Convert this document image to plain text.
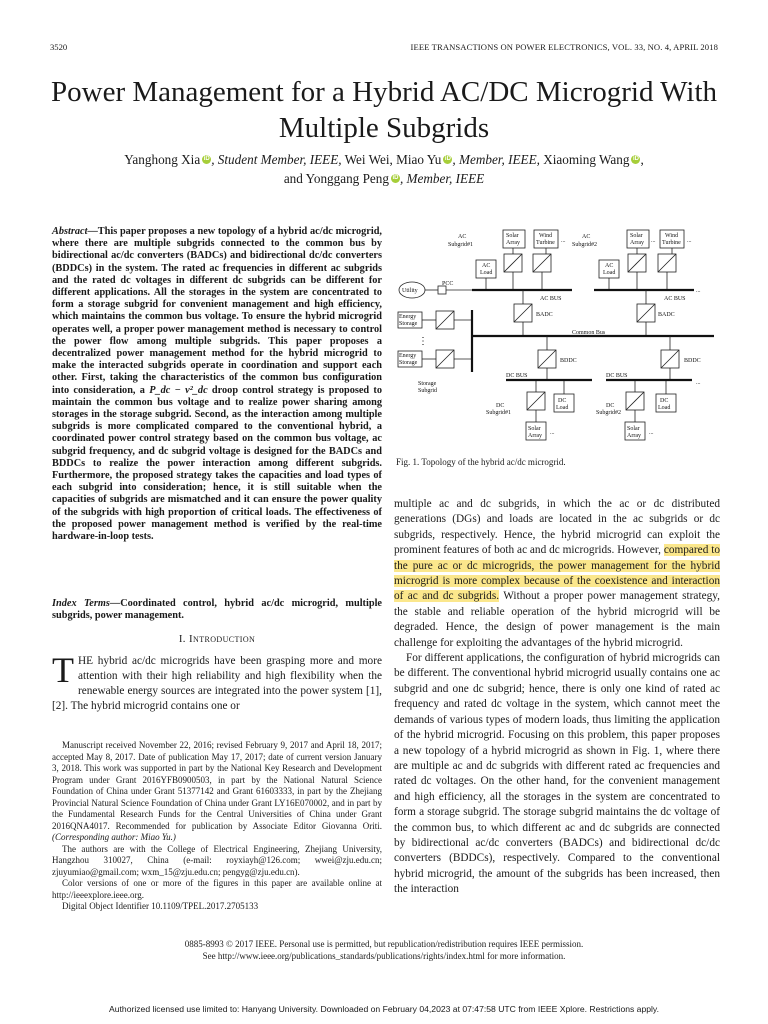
3520	IEEE TRANSACTIONS ON POWER ELECTRONICS, VOL. 33, NO. 4, APRIL 2018
Power Management for a Hybrid AC/DC Microgrid With Multiple Subgrids
Yanghong Xia iD , Student Member, IEEE, Wei Wei, Miao Yu iD , Member, IEEE, Xiaoming Wang iD ,
and Yonggang Peng iD , Member, IEEE
Abstract—This paper proposes a new topology of a hybrid ac/dc microgrid, where there are multiple subgrids connected to the common bus by bidirectional ac/dc converters (BADCs) and bidirectional dc/dc converters (BDDCs) in the system. The rated ac frequencies in different ac subgrids and the rated dc voltages in different dc subgrids can be different for different applications. All the storages in the system are concentrated to form a storage subgrid for convenient management and high efficiency, which maintains the common bus voltage. To ensure the hybrid microgrid operates well, a proper power management method is necessary to control the power flow among multiple subgrids. This paper proposes a decentralized power management method for the hybrid microgrid to make the interacted subgrids operate in coordination and support each other. First, taking the characteristics of the common bus configuration into consideration, a P_dc − v²_dc droop control strategy is proposed to maintain the common bus voltage and to realize power sharing among storages in the storage subgrid. Second, as the interaction among multiple subgrids is more complicated compared to the conventional hybrid, a coordinated power control strategy based on the common bus voltage, ac subgrid frequency, and dc subgrid voltage is designed for the BADCs and BDDCs to realize the power interaction among different subgrids. Furthermore, the proposed strategy takes the capacities and load types of each subgrid into consideration; hence, it is still suitable when the capacities of subgrids are mismatched and it can ensure the power quality of the subgrids with high proportion of critical loads. The effectiveness of the proposed power management method is verified by the real-time hardware-in-loop tests.
Index Terms—Coordinated control, hybrid ac/dc microgrid, multiple subgrids, power management.
I. Introduction
THE hybrid ac/dc microgrids have been grasping more and more attention with their high reliability and high flexibility when the renewable energy sources are integrated into the power system [1], [2]. The hybrid microgrid contains one or

Manuscript received November 22, 2016; revised February 9, 2017 and April 18, 2017; accepted May 8, 2017. Date of publication May 17, 2017; date of current version January 3, 2018. This work was supported in part by the National Key Research and Development Program under Grant 2016YFB0900503, in part by the National Natural Science Foundation of China under Grant 51377142 and Grant 61603333, in part by the Zhejiang Provincial Natural Science Foundation of China under Grant LY16E070002, and in part by the Fundamental Research Funds for the Central Universities of China under Grant 2016QNA4017. Recommended for publication by Associate Editor Giovanna Oriti. (Corresponding author: Miao Yu.)

The authors are with the College of Electrical Engineering, Zhejiang University, Hangzhou 310027, China (e-mail: royxiayh@126.com; wwei@zju.edu.cn; zjuyumiao@gmail.com; wxm_15@zju.edu.cn; pengyg@zju.edu.cn).

Color versions of one or more of the figures in this paper are available online at http://ieeexplore.ieee.org.

Digital Object Identifier 10.1109/TPEL.2017.2705133

AC
Subgrid#1
Solar
Array
Wind
Turbine ...
AC
Load
AC
Subgrid#2
Solar
Array
Wind
Turbine
...	...
AC
Load
Utility
PCC
AC BUS	AC BUS
...
BADC	BADC
Energy
Storage
Energy
Storage
⋮
Common Bus
BDDC	BDDC
...
Storage
Subgrid
DC BUS	DC BUS
DC
Subgrid#1
DC
Load
Solar
Array ...
DC
Subgrid#2
DC
Load
Solar
Array ...
Fig. 1. Topology of the hybrid ac/dc microgrid.

multiple ac and dc subgrids, in which the ac or dc distributed generations (DGs) and loads are located in the ac subgrids or dc subgrids, respectively. Hence, the hybrid microgrid can exploit the prominent features of both ac and dc microgrids. However, compared to the pure ac or dc microgrids, the power management for the hybrid microgrid is more complex because of the coexistence and interaction of ac and dc subgrids. Without a proper power management strategy, the stable and reliable operation of the hybrid microgrid will be degraded. Hence, the design of power management is the main challenge for exploiting the advantages of the hybrid microgrid.

For different applications, the configuration of hybrid microgrids can be different. The conventional hybrid microgrid usually contains one ac subgrid and one dc subgrid; hence, there is only one kind of rated ac frequency and rated dc voltage in the system, which cannot meet the demands of various types of modern loads, thus limiting the application of the hybrid microgrid. Focusing on this problem, this paper proposes a new topology of a hybrid microgrid as shown in Fig. 1, where there are multiple ac and dc subgrids with different rated ac frequencies and rated dc voltages. On the other hand, for the convenient management and high efficiency, all the storages in the system are concentrated to form a storage subgrid. The storage subgrid maintains the dc voltage of the common bus, to which different ac and dc subgrids are connected by bidirectional ac/dc converters (BADCs) and bidirectional dc/dc converters (BDDCs), respectively. Compared to the conventional hybrid microgrid, the amount of the subgrids has been increased, then the interaction

0885-8993 © 2017 IEEE. Personal use is permitted, but republication/redistribution requires IEEE permission.
See http://www.ieee.org/publications_standards/publications/rights/index.html for more information.
Authorized licensed use limited to: Hanyang University. Downloaded on February 04,2023 at 07:47:58 UTC from IEEE Xplore. Restrictions apply.
